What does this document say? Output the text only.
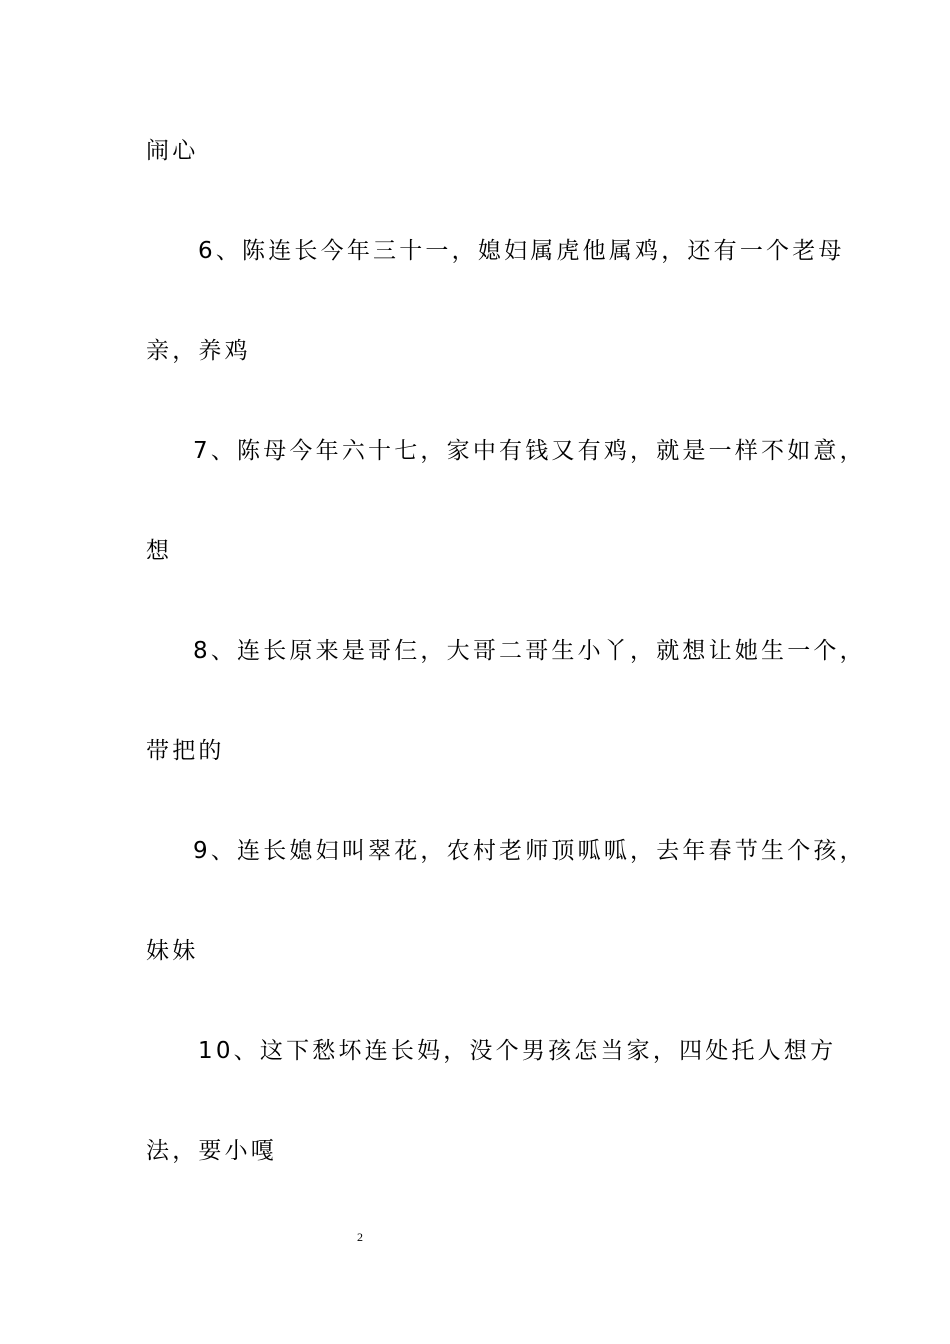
闹心
6、陈连长今年三十一，媳妇属虎他属鸡，还有一个老母
亲，养鸡
7、陈母今年六十七，家中有钱又有鸡，就是一样不如意，
想
8、连长原来是哥仨，大哥二哥生小丫，就想让她生一个，
带把的
9、连长媳妇叫翠花，农村老师顶呱呱，去年春节生个孩，
妹妹
10、这下愁坏连长妈，没个男孩怎当家，四处托人想方
法，要小嘎
2
